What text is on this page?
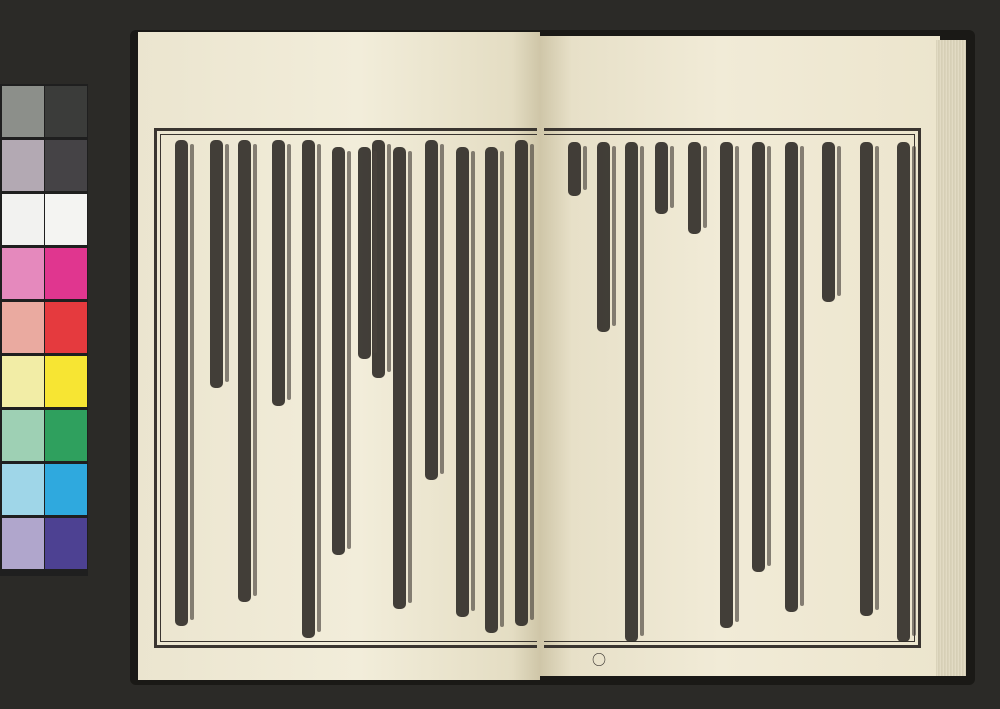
〇
